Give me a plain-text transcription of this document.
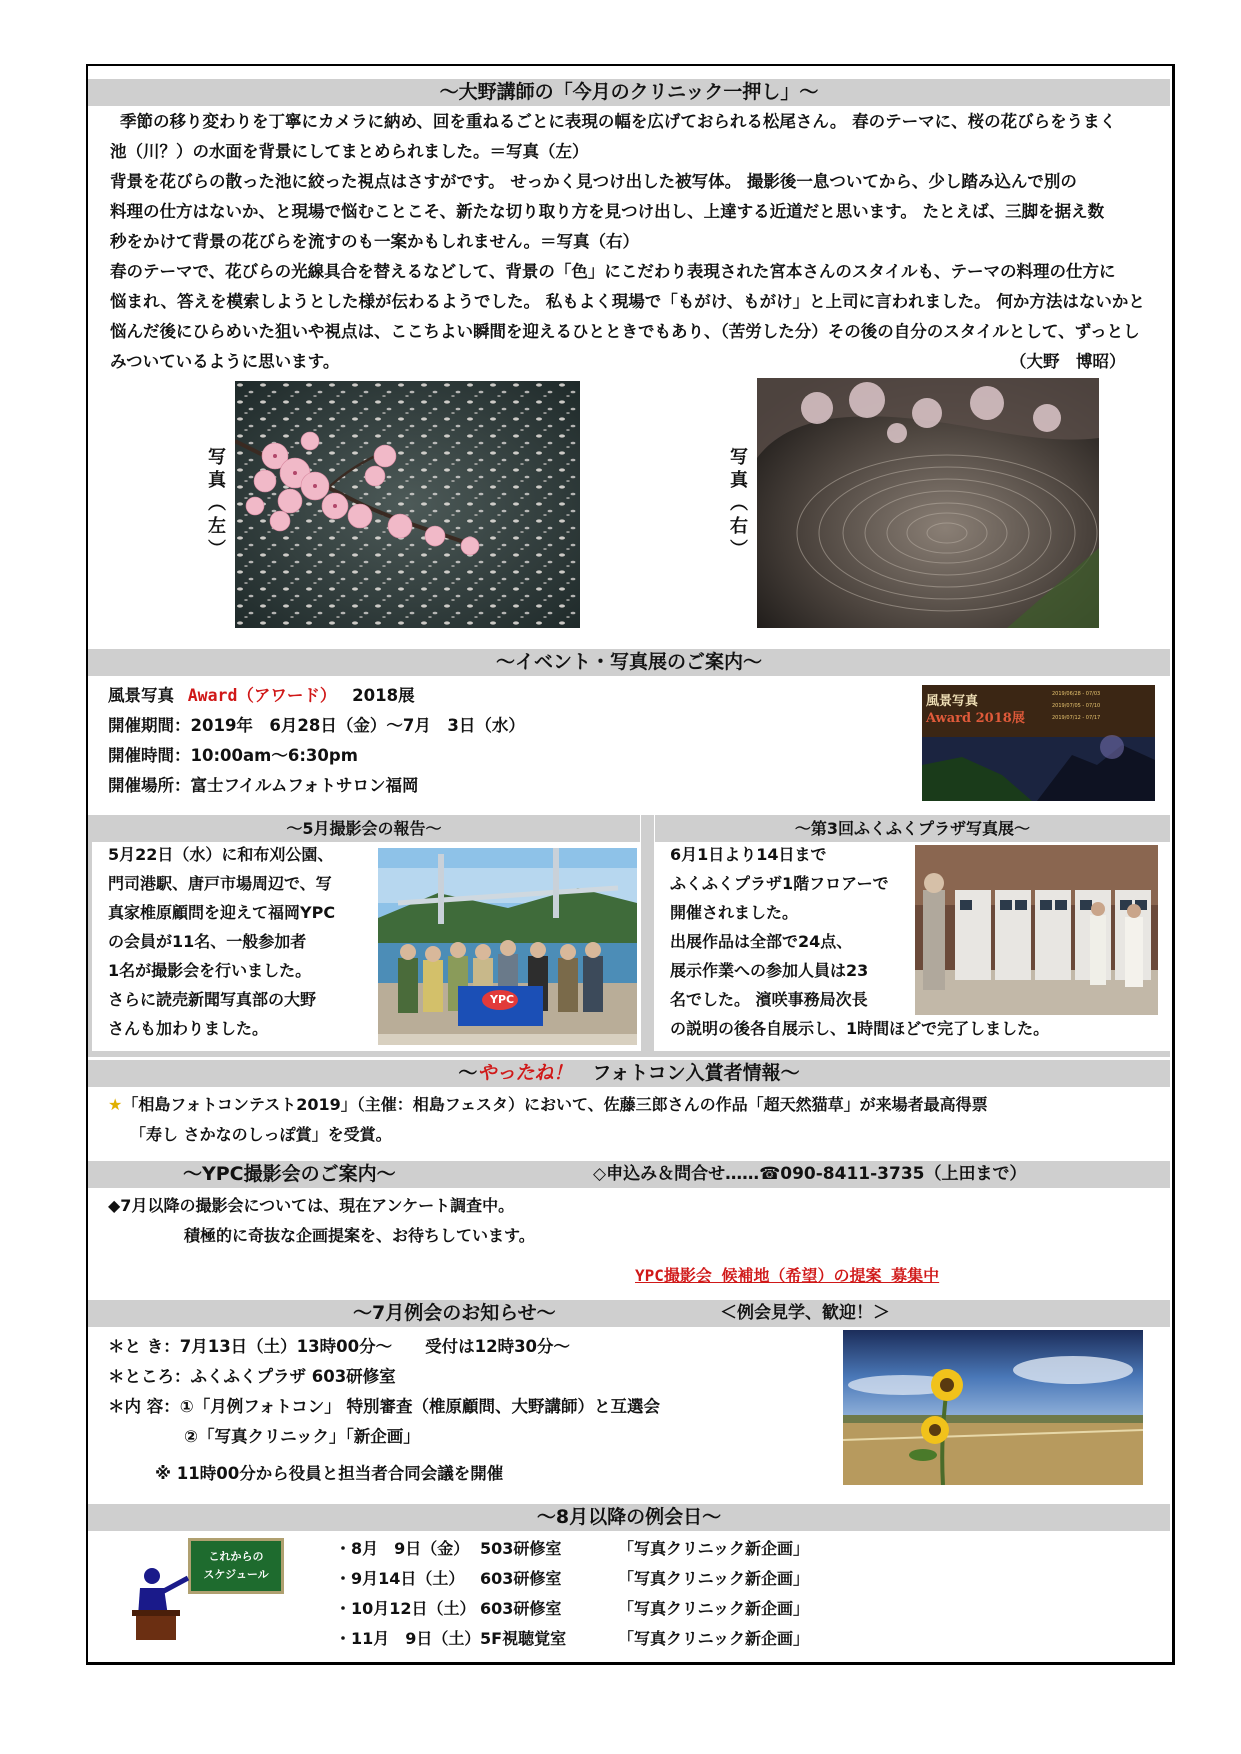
～大野講師の「今月のクリニック一押し」～
季節の移り変わりを丁寧にカメラに納め、回を重ねるごとに表現の幅を広げておられる松尾さん。 春のテーマに、桜の花びらをうまく
池（川？）の水面を背景にしてまとめられました。＝写真（左）
背景を花びらの散った池に絞った視点はさすがです。 せっかく見つけ出した被写体。 撮影後一息ついてから、少し踏み込んで別の
料理の仕方はないか、と現場で悩むことこそ、新たな切り取り方を見つけ出し、上達する近道だと思います。 たとえば、三脚を据え数
秒をかけて背景の花びらを流すのも一案かもしれません。＝写真（右）
春のテーマで、花びらの光線具合を替えるなどして、背景の「色」にこだわり表現された宮本さんのスタイルも、テーマの料理の仕方に
悩まれ、答えを模索しようとした様が伝わるようでした。 私もよく現場で「もがけ、もがけ」と上司に言われました。 何か方法はないかと
悩んだ後にひらめいた狙いや視点は、ここちよい瞬間を迎えるひとときでもあり、（苦労した分）その後の自分のスタイルとして、ずっとし
みついているように思います。	（大野　博昭）
写
真
︵
左
︶
写
真
︵
右
︶
～イベント・写真展のご案内～
風景写真 Award（アワード） 2018展
開催期間：2019年　6月28日（金）～7月　3日（水）
開催時間：10:00am～6:30pm
開催場所：富士フイルムフォトサロン福岡
2019/06/28 - 07/03
2019/07/05 - 07/10
2019/07/12 - 07/17
風景写真
Award 2018展
～5月撮影会の報告～	～第3回ふくふくプラザ写真展～
5月22日（水）に和布刈公園、
門司港駅、唐戸市場周辺で、写
真家椎原顧問を迎えて福岡YPC
の会員が11名、一般参加者
1名が撮影会を行いました。
さらに読売新聞写真部の大野
さんも加わりました。
YPC
6月1日より14日まで
ふくふくプラザ1階フロアーで
開催されました。
出展作品は全部で24点、
展示作業への参加人員は23
名でした。 濱咲事務局次長
の説明の後各自展示し、1時間ほどで完了しました。
～やったね！ フォトコン入賞者情報～
★「相島フォトコンテスト2019」（主催：相島フェスタ）において、佐藤三郎さんの作品「超天然猫草」が来場者最高得票
「寿し さかなのしっぽ賞」を受賞。
～YPC撮影会のご案内～	◇申込み＆問合せ……☎090-8411-3735（上田まで）
◆7月以降の撮影会については、現在アンケート調査中。
積極的に奇抜な企画提案を、お待ちしています。
YPC撮影会 候補地（希望）の提案 募集中
～7月例会のお知らせ～	＜例会見学、歓迎！＞
＊と き：7月13日（土）13時00分～　　受付は12時30分～
＊ところ：ふくふくプラザ 603研修室
＊内 容：①「月例フォトコン」 特別審査（椎原顧問、大野講師）と互選会
②「写真クリニック」「新企画」
※ 11時00分から役員と担当者合同会議を開催
～8月以降の例会日～
これからの
スケジュール
・8月　9日（金） 503研修室	「写真クリニック新企画」
・9月14日（土） 603研修室	「写真クリニック新企画」
・10月12日（土） 603研修室	「写真クリニック新企画」
・11月　9日（土）5F視聴覚室	「写真クリニック新企画」
